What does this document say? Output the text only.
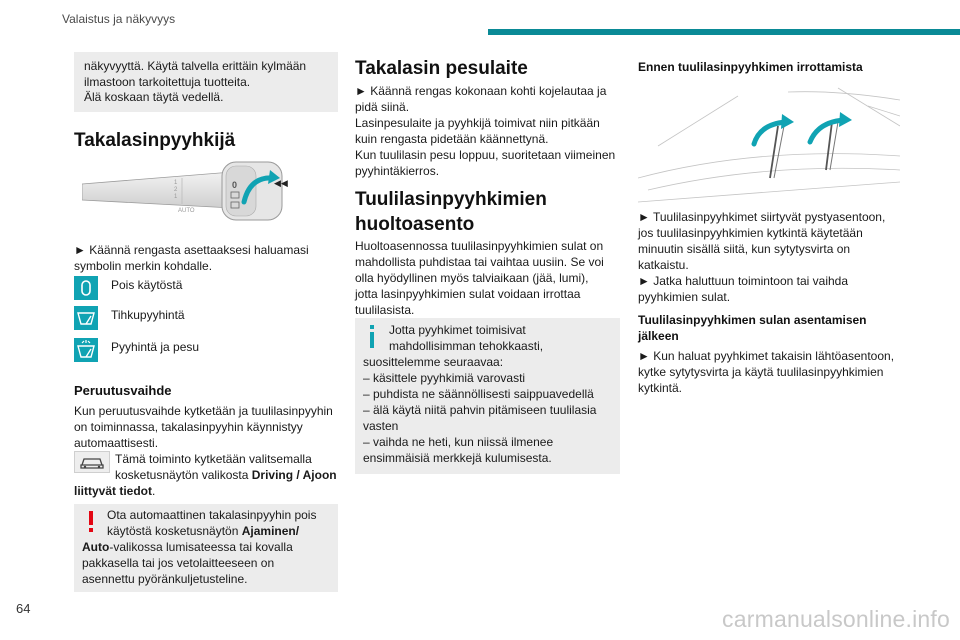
Valaistus ja näkyvyys
näkyvyyttä. Käytä talvella erittäin kylmään
ilmastoon tarkoitettuja tuotteita.
Älä koskaan täytä vedellä.
Takalasinpyyhkijä
1
2
1
AUTO
0	◀◀
► Käännä rengasta asettaaksesi haluamasi
symbolin merkin kohdalle.
Pois käytöstä
Tihkupyyhintä
Pyyhintä ja pesu
Peruutusvaihde
Kun peruutusvaihde kytketään ja tuulilasinpyyhin
on toiminnassa, takalasinpyyhin käynnistyy
automaattisesti.
Tämä toiminto kytketään valitsemalla
kosketusnäytön valikosta Driving / Ajoon
liittyvät tiedot.
Ota automaattinen takalasinpyyhin pois
käytöstä kosketusnäytön Ajaminen/
Auto-valikossa lumisateessa tai kovalla
pakkasella tai jos vetolaitteeseen on
asennettu pyöränkuljetusteline.
Takalasin pesulaite
► Käännä rengas kokonaan kohti kojelautaa ja
pidä siinä.
Lasinpesulaite ja pyyhkijä toimivat niin pitkään
kuin rengasta pidetään käännettynä.
Kun tuulilasin pesu loppuu, suoritetaan viimeinen
pyyhintäkierros.
Tuulilasinpyyhkimien
huoltoasento
Huoltoasennossa tuulilasinpyyhkimien sulat on
mahdollista puhdistaa tai vaihtaa uusiin. Se voi
olla hyödyllinen myös talviaikaan (jää, lumi),
jotta lasinpyyhkimien sulat voidaan irrottaa
tuulilasista.
Jotta pyyhkimet toimisivat
mahdollisimman tehokkaasti,
suosittelemme seuraavaa:
– käsittele pyyhkimiä varovasti
– puhdista ne säännöllisesti saippuavedellä
– älä käytä niitä pahvin pitämiseen tuulilasia
vasten
– vaihda ne heti, kun niissä ilmenee
ensimmäisiä merkkejä kulumisesta.
Ennen tuulilasinpyyhkimen irrottamista
► Tuulilasinpyyhkimet siirtyvät pystyasentoon,
jos tuulilasinpyyhkimien kytkintä käytetään
minuutin sisällä siitä, kun sytytysvirta on
katkaistu.
► Jatka haluttuun toimintoon tai vaihda
pyyhkimien sulat.
Tuulilasinpyyhkimen sulan asentamisen
jälkeen
► Kun haluat pyyhkimet takaisin lähtöasentoon,
kytke sytytysvirta ja käytä tuulilasinpyyhkimien
kytkintä.
64	carmanualsonline.info
